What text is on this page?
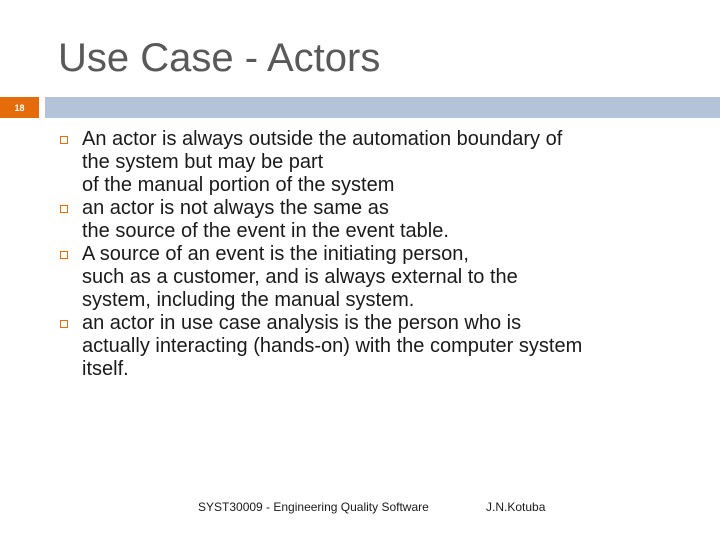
Use Case - Actors
18
An actor is always outside the automation boundary of
the system but may be part
of the manual portion of the system
an actor is not always the same as
the source of the event in the event table.
A source of an event is the initiating person,
such as a customer, and is always external to the
system, including the manual system.
an actor in use case analysis is the person who is
actually interacting (hands-on) with the computer system
itself.
SYST30009 - Engineering Quality Software	J.N.Kotuba
